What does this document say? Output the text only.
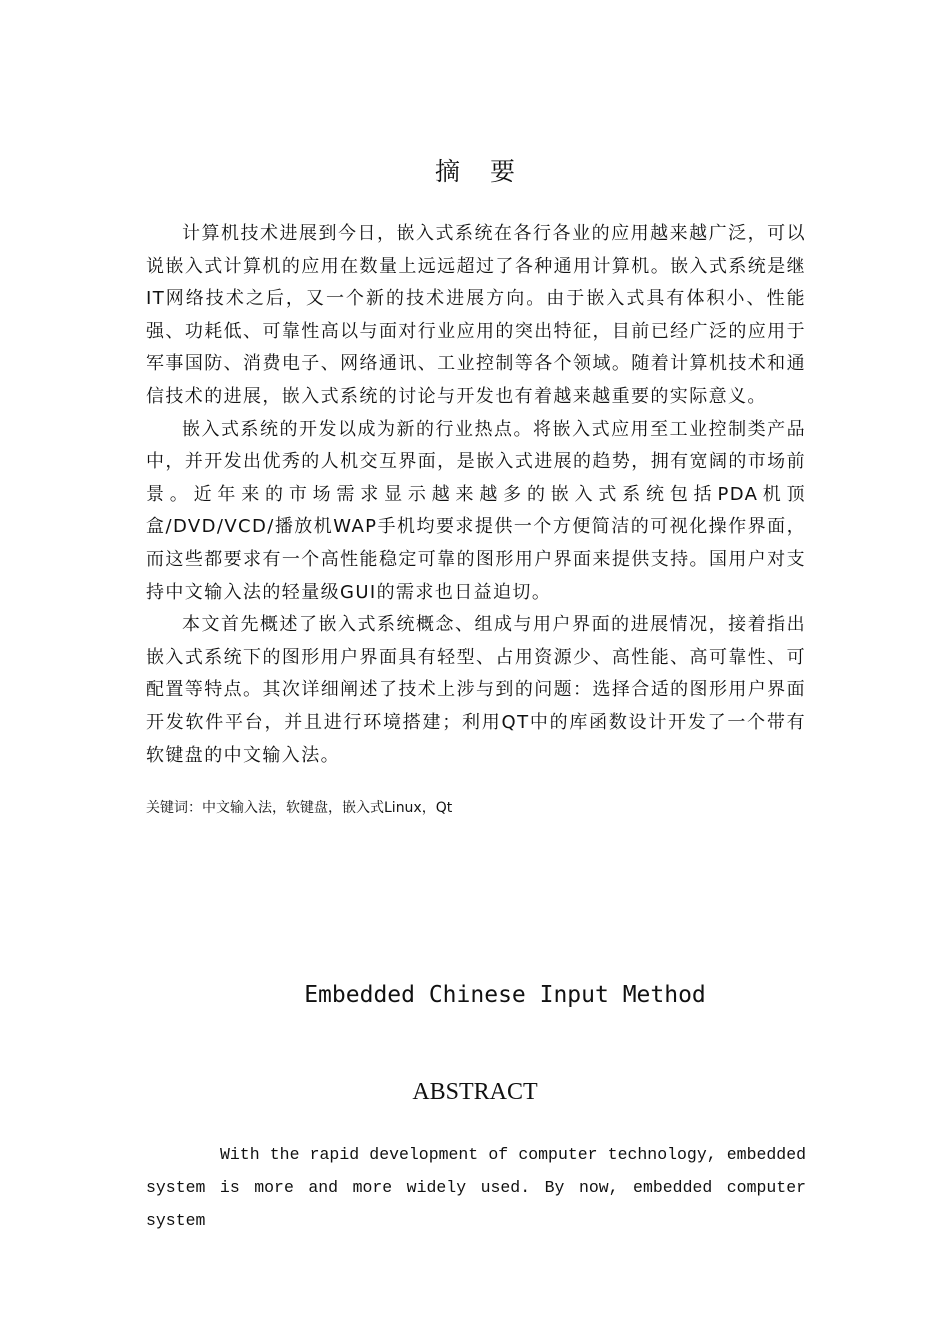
摘要

计算机技术进展到今日，嵌入式系统在各行各业的应用越来越广泛，可以说嵌入式计算机的应用在数量上远远超过了各种通用计算机。嵌入式系统是继IT网络技术之后，又一个新的技术进展方向。由于嵌入式具有体积小、性能强、功耗低、可靠性高以与面对行业应用的突出特征，目前已经广泛的应用于军事国防、消费电子、网络通讯、工业控制等各个领域。随着计算机技术和通信技术的进展，嵌入式系统的讨论与开发也有着越来越重要的实际意义。

嵌入式系统的开发以成为新的行业热点。将嵌入式应用至工业控制类产品中，并开发出优秀的人机交互界面，是嵌入式进展的趋势，拥有宽阔的市场前景。近年来的市场需求显示越来越多的嵌入式系统包括PDA机顶盒/DVD/VCD/播放机WAP手机均要求提供一个方便简洁的可视化操作界面，而这些都要求有一个高性能稳定可靠的图形用户界面来提供支持。国用户对支持中文输入法的轻量级GUI的需求也日益迫切。

本文首先概述了嵌入式系统概念、组成与用户界面的进展情况，接着指出嵌入式系统下的图形用户界面具有轻型、占用资源少、高性能、高可靠性、可配置等特点。其次详细阐述了技术上涉与到的问题：选择合适的图形用户界面开发软件平台，并且进行环境搭建；利用QT中的库函数设计开发了一个带有软键盘的中文输入法。

关键词：中文输入法，软键盘，嵌入式Linux，Qt
Embedded Chinese Input Method
ABSTRACT

With the rapid development of computer technology, embedded system is more and more widely used. By now, embedded computer system
